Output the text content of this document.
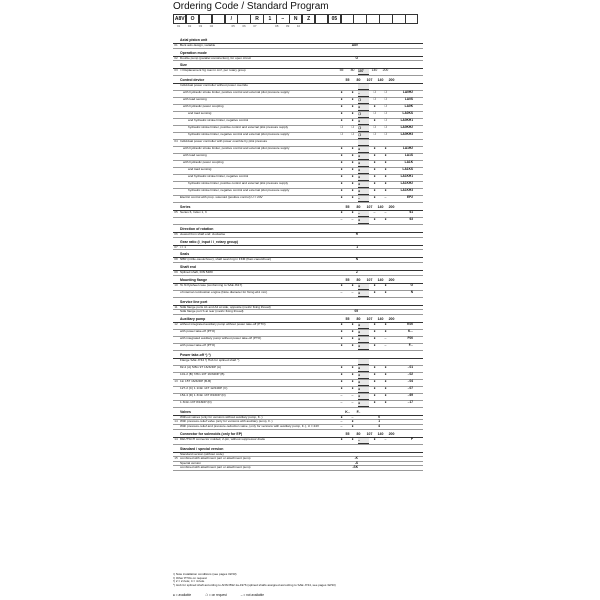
Ordering Code / Standard Program
A8V	O	/	R	1	–	N	Z	05
01	02	03	04	05	06	07	08	09	10
Axial piston unit
01 Bent axis design, variable	A8V
Operation mode
02 Double pump (parallel construction), for open circuit	O
Size
03 ≈ Displacement Vg max in cm³, per rotary group	55	80	107	140	200
Control device	55	80	107	140	200
Individual power controller without power override
with hydraulic stroke limiter, positive control and external pilot pressure supply	●	●	–	❍	❍	LA0H2
with load sensing	●	●	❍	❍	❍	LA0S
with hydraulic power coupling	●	●	●	●	❍	LA0K
and load sensing	●	●	❍	❍	❍	LA0KS
and hydraulic stroke limiter, negative control	●	●	●	●	❍	LA0KH1
hydraulic stroke limiter, positive control and external pilot pressure supply	❍	❍	❍	❍	❍	LA0KH2
hydraulic stroke limiter, negative control and external pilot pressure supply	❍	❍	❍	❍	❍	LA0KH3
04 Individual power controller with power override by pilot pressure
with hydraulic stroke limiter, positive control and external pilot pressure supply	●	●	●	●	●	LA1H2
with load sensing	●	●	●	●	●	LA1S
with hydraulic power coupling	●	●	●	●	●	LA1K
and load sensing	●	●	●	●	●	LA1KS
and hydraulic stroke limiter, negative control	●	●	●	●	●	LA1KH1
hydraulic stroke limiter, positive control and external pilot pressure supply	●	●	●	●	●	LA1KH2
hydraulic stroke limiter, negative control and external pilot pressure supply	●	●	●	●	●	LA1KH3
Electric control with prop. solenoid (positive control) U = 24V	●	●	–	●	–	EP2
Series	55	80	107	140	200
05 Series 6, Index 1, 3	●	●	–	–	–	61
–	–	●	●	●	63
Direction of rotation
06 viewed from shaft end: clockwise	R
Gear ratio (i_input / i_rotary group)
07 i = 1	1
Seals
08 NBR (nitrile-caoutchouc), shaft seal ring in FKM (fluor-caoutchouc)	N
Shaft end
09 Splined shaft, DIN 5480	Z
Mounting flange	55	80	107	140	200
10 To fit flywheel case (conforming to SAE J617)	●	●	●	●	●	G
of internal combustion engine (Note diameter for fixing ø11 mm)	–	–	●	●	●	N
Service line port
11 SAE flange ports A1 and A2 at side, opposite (metric fixing thread)
SAE flange port S at rear (metric fixing thread)	05
Auxiliary pump	55	80	107	140	200
12 without integrated auxiliary pump without power take-off (PTO)	●	●	●	●	●	K00
with power take-off (PTO)	●	●	●	●	●	K...
with integrated auxiliary pump without power take-off (PTO)	●	●	●	●	–	F00
with power take-off (PTO)	●	●	●	●	–	F...
Power take-off ¹) ²)
Flange SAE J744 ³) Hub for splined shaft ⁴)
82-2 (A) 5/8in 9T 16/32DP (A)	●	●	●	●	●	..01
101-2 (B) 7/8in 13T 16/32DP (B)	●	●	●	●	●	..02
13 1in 15T 16/32DP (B-B)	●	●	●	●	●	..04
127-2 (C) 1 1/4in 14T 12/24DP (C)	●	●	●	●	●	..07
152-4 (D) 1 3/4in 13T 8/16DP (D)	–	–	●	●	●	..69
1 3/4in 13T 8/16DP (D)	–	–	●	●	●	..17
Valves	K..	F..
Without valves (only for versions without auxiliary pump, K..)	●	–	0
14 With pressure-relief valve (only for versions with auxiliary pump, F..)	–	●	1
With pressure-relief and pressure-reduction valve, (only for versions with auxiliary pump, F..), U = 24V	–	●	4
Connector for solenoids (only for EP)	55	80	107	140	200
14 DEUTSCH connector molded, 2-pin, without suppressor diode	●	●	–	●	–	P
Standard / special version
Standard version (without code)
15 combined with attachment part or attachment pump	-K
Special version	-S
combined with attachment part or attachment pump	-SK
¹) Note installation conditions (see pages 32/33)
²) Other PTOs on request
³) 2 = 2-hole; 4 = 4-hole
⁴) Hub for splined shaft according to ANSI B92.1a-1976 (splined shafts assigned according to SAE J744, see pages 32/33)
● = available	❍ = on request	– = not available
